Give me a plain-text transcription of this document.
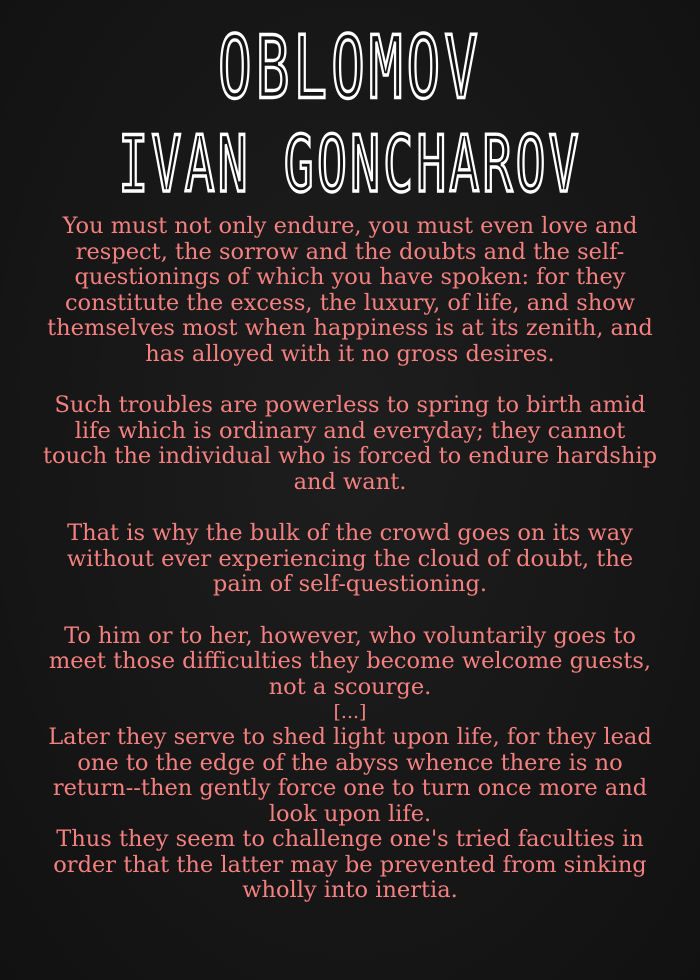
OBLOMOV
IVAN GONCHAROV

You must not only endure, you must even love and respect, the sorrow and the doubts and the self-questionings of which you have spoken: for they constitute the excess, the luxury, of life, and show themselves most when happiness is at its zenith, and has alloyed with it no gross desires.

Such troubles are powerless to spring to birth amid life which is ordinary and everyday; they cannot touch the individual who is forced to endure hardship and want.

That is why the bulk of the crowd goes on its way without ever experiencing the cloud of doubt, the pain of self-questioning.

To him or to her, however, who voluntarily goes to meet those difficulties they become welcome guests, not a scourge.

[...]

Later they serve to shed light upon life, for they lead one to the edge of the abyss whence there is no return--then gently force one to turn once more and look upon life.

Thus they seem to challenge one's tried faculties in order that the latter may be prevented from sinking wholly into inertia.
